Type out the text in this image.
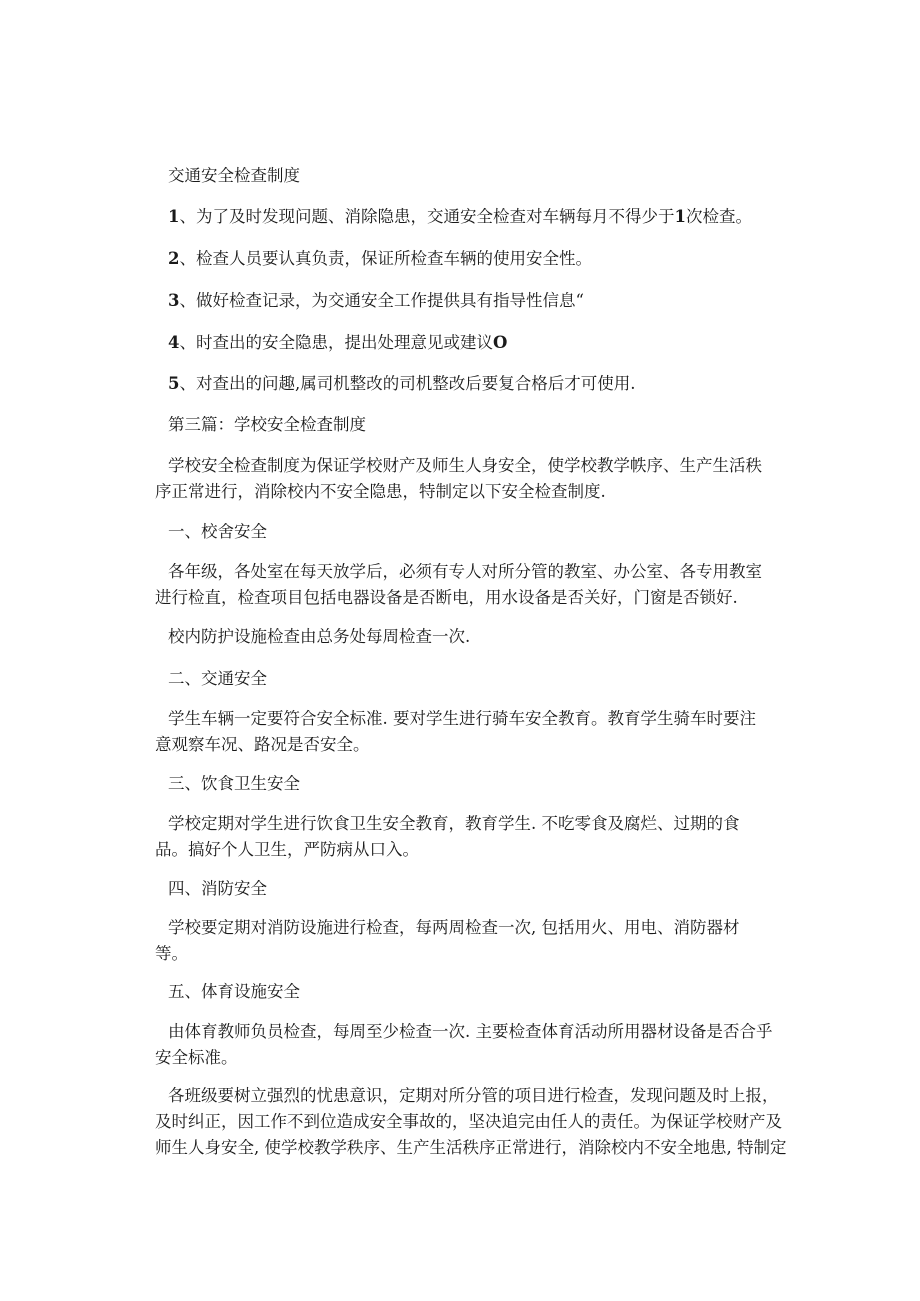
交通安全检查制度
1、为了及时发现问题、消除隐患，交通安全检查对车辆每月不得少于1次检查。
2、检查人员要认真负责，保证所检查车辆的使用安全性。
3、做好检查记录，为交通安全工作提供具有指导性信息“
4、时查出的安全隐患，提出处理意见或建议O
5、对查出的问趣,属司机整改的司机整改后要复合格后才可使用.
第三篇：学校安全检査制度
学校安全检查制度为保证学校财产及师生人身安全，使学校教学帙序、生产生活秩
序正常进行，消除校内不安全隐患，特制定以下安全检查制度.
一、校舍安全
各年级，各处室在每天放学后，必须有专人对所分管的教室、办公室、各专用教室
进行检直，检查项目包括电器设备是否断电，用水设备是否关好，门窗是否锁好.
校内防护设施检查由总务处每周检查一次.
二、交通安全
学生车辆一定要符合安全标准. 要对学生进行骑车安全教育。教育学生骑车时要注
意观察车况、路况是否安全。
三、饮食卫生安全
学校定期对学生进行饮食卫生安全教育，教育学生. 不吃零食及腐烂、过期的食
品。搞好个人卫生，严防病从口入。
四、消防安全
学校要定期对消防设施进行检查，每两周检查一次, 包括用火、用电、消防器材
等。
五、体育设施安全
由体育教师负员检查，每周至少检查一次. 主要检查体育活动所用器材设备是否合乎
安全标准。
各班级要树立强烈的忧患意识，定期对所分管的项目进行检查，发现问题及时上报，
及时纠正，因工作不到位造成安全事故的，坚决追完由任人的责任。为保证学校财产及
师生人身安全, 使学校教学秩序、生产生活秩序正常进行，消除校内不安全地患, 特制定
